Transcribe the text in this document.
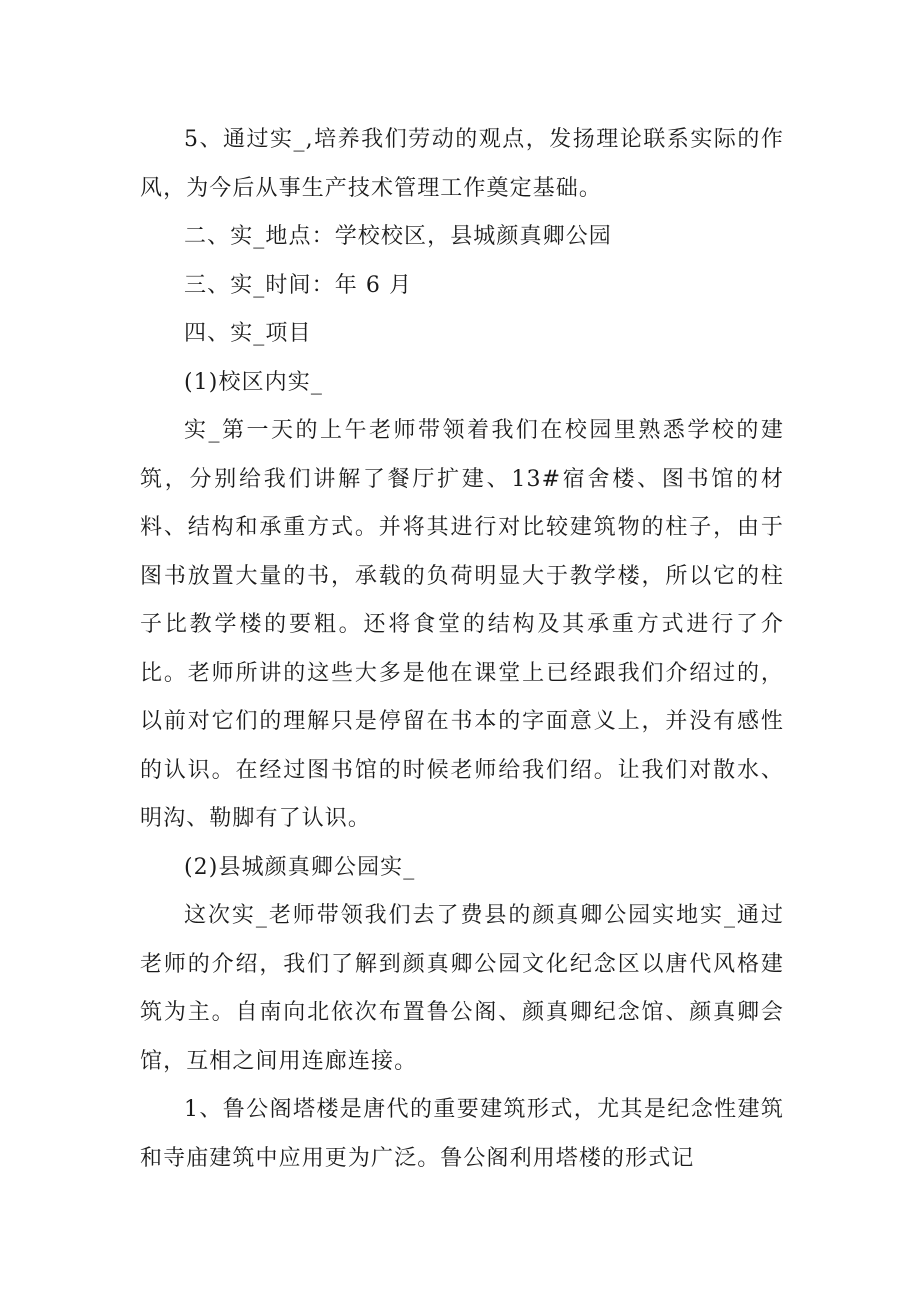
5、通过实_,培养我们劳动的观点，发扬理论联系实际的作风，为今后从事生产技术管理工作奠定基础。

二、实_地点：学校校区，县城颜真卿公园

三、实_时间：年 6 月

四、实_项目

(1)校区内实_

实_第一天的上午老师带领着我们在校园里熟悉学校的建筑，分别给我们讲解了餐厅扩建、13#宿舍楼、图书馆的材料、结构和承重方式。并将其进行对比较建筑物的柱子，由于图书放置大量的书，承载的负荷明显大于教学楼，所以它的柱子比教学楼的要粗。还将食堂的结构及其承重方式进行了介比。老师所讲的这些大多是他在课堂上已经跟我们介绍过的，以前对它们的理解只是停留在书本的字面意义上，并没有感性的认识。在经过图书馆的时候老师给我们绍。让我们对散水、明沟、勒脚有了认识。

(2)县城颜真卿公园实_

这次实_老师带领我们去了费县的颜真卿公园实地实_通过老师的介绍，我们了解到颜真卿公园文化纪念区以唐代风格建筑为主。自南向北依次布置鲁公阁、颜真卿纪念馆、颜真卿会馆，互相之间用连廊连接。

1、鲁公阁塔楼是唐代的重要建筑形式，尤其是纪念性建筑和寺庙建筑中应用更为广泛。鲁公阁利用塔楼的形式记
